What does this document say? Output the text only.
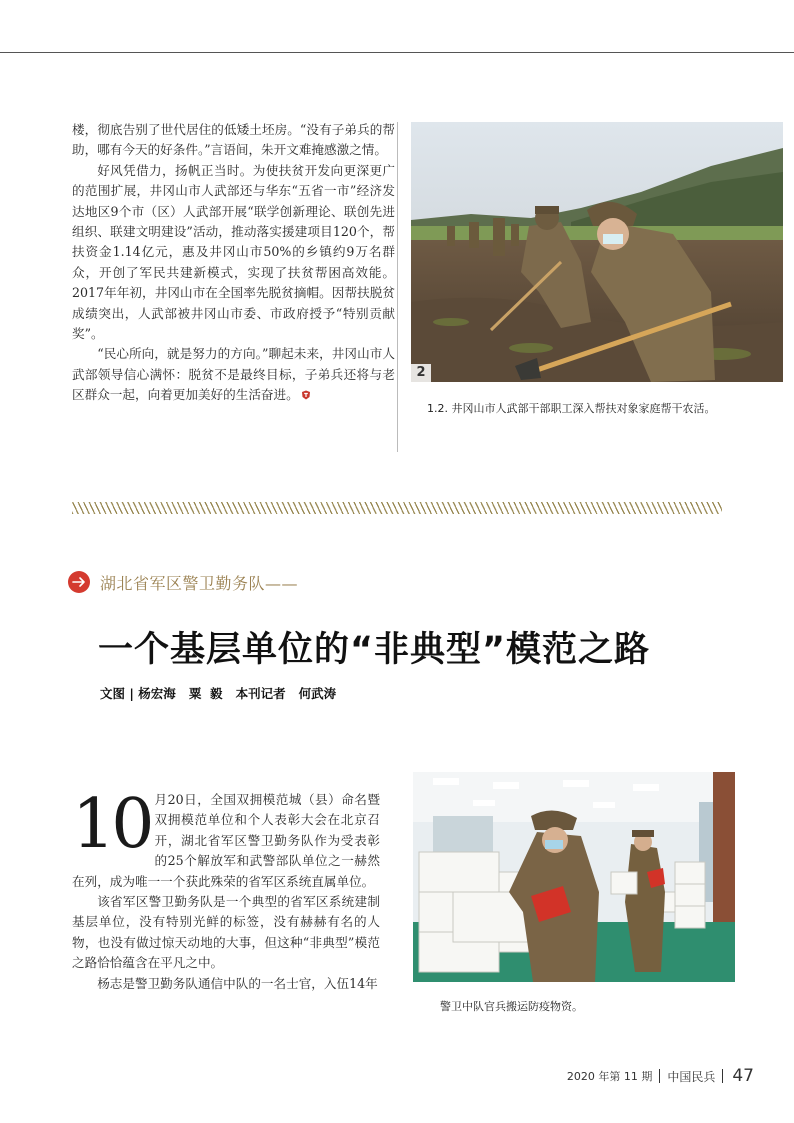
楼，彻底告别了世代居住的低矮土坯房。“没有子弟兵的帮助，哪有今天的好条件。”言语间，朱开文难掩感激之情。

好风凭借力，扬帆正当时。为使扶贫开发向更深更广的范围扩展，井冈山市人武部还与华东“五省一市”经济发达地区9个市（区）人武部开展“联学创新理论、联创先进组织、联建文明建设”活动，推动落实援建项目120个，帮扶资金1.14亿元，惠及井冈山市50%的乡镇约9万名群众，开创了军民共建新模式，实现了扶贫帮困高效能。2017年年初，井冈山市在全国率先脱贫摘帽。因帮扶脱贫成绩突出，人武部被井冈山市委、市政府授予“特别贡献奖”。

“民心所向，就是努力的方向。”聊起未来，井冈山市人武部领导信心满怀：脱贫不是最终目标，子弟兵还将与老区群众一起，向着更加美好的生活奋进。

2
1.2. 井冈山市人武部干部职工深入帮扶对象家庭帮干农活。
湖北省军区警卫勤务队——
一个基层单位的“非典型”模范之路
文图 | 杨宏海   粟  毅   本刊记者   何武涛
10 月20日，全国双拥模范城（县）命名暨双拥模范单位和个人表彰大会在北京召开，湖北省军区警卫勤务队作为受表彰的25个解放军和武警部队单位之一赫然在列，成为唯一一个获此殊荣的省军区系统直属单位。

该省军区警卫勤务队是一个典型的省军区系统建制基层单位，没有特别光鲜的标签，没有赫赫有名的人物，也没有做过惊天动地的大事，但这种“非典型”模范之路恰恰蕴含在平凡之中。

杨志是警卫勤务队通信中队的一名士官，入伍14年

警卫中队官兵搬运防疫物资。
2020 年第 11 期 中国民兵 47
